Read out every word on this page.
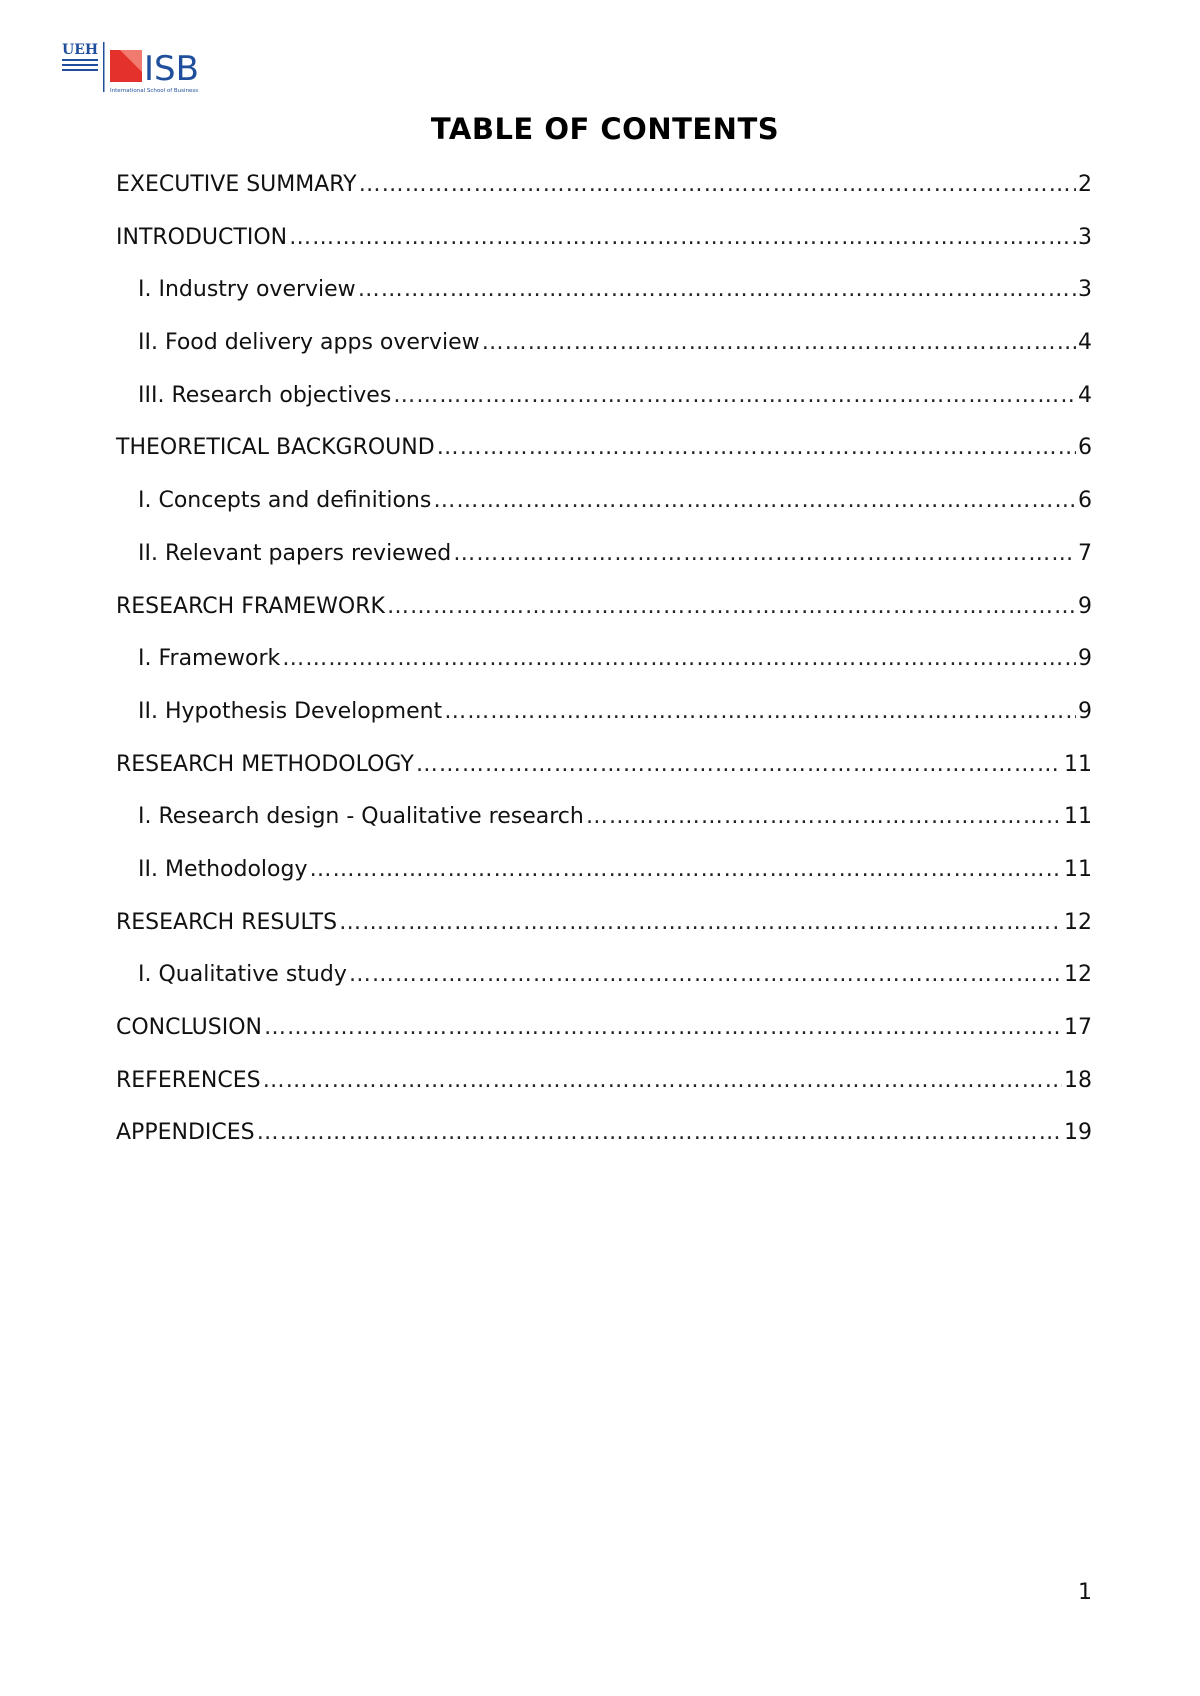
UEH ISB
International School of Business
TABLE OF CONTENTS
EXECUTIVE SUMMARY ……………………………………………………………………………………………………………………………………………………………………………………………………………………	2
INTRODUCTION ……………………………………………………………………………………………………………………………………………………………………………………………………………………	3
I. Industry overview ……………………………………………………………………………………………………………………………………………………………………………………………………………………	3
II. Food delivery apps overview ……………………………………………………………………………………………………………………………………………………………………………………………………………………	4
III. Research objectives ……………………………………………………………………………………………………………………………………………………………………………………………………………………	4
THEORETICAL BACKGROUND ……………………………………………………………………………………………………………………………………………………………………………………………………………………	6
I. Concepts and definitions ……………………………………………………………………………………………………………………………………………………………………………………………………………………	6
II. Relevant papers reviewed ……………………………………………………………………………………………………………………………………………………………………………………………………………………	7
RESEARCH FRAMEWORK ……………………………………………………………………………………………………………………………………………………………………………………………………………………	9
I. Framework ……………………………………………………………………………………………………………………………………………………………………………………………………………………	9
II. Hypothesis Development ……………………………………………………………………………………………………………………………………………………………………………………………………………………	9
RESEARCH METHODOLOGY ……………………………………………………………………………………………………………………………………………………………………………………………………………………	11
I. Research design - Qualitative research ……………………………………………………………………………………………………………………………………………………………………………………………………………………	11
II. Methodology ……………………………………………………………………………………………………………………………………………………………………………………………………………………	11
RESEARCH RESULTS ……………………………………………………………………………………………………………………………………………………………………………………………………………………	12
I. Qualitative study ……………………………………………………………………………………………………………………………………………………………………………………………………………………	12
CONCLUSION ……………………………………………………………………………………………………………………………………………………………………………………………………………………	17
REFERENCES ……………………………………………………………………………………………………………………………………………………………………………………………………………………	18
APPENDICES ……………………………………………………………………………………………………………………………………………………………………………………………………………………	19
1
